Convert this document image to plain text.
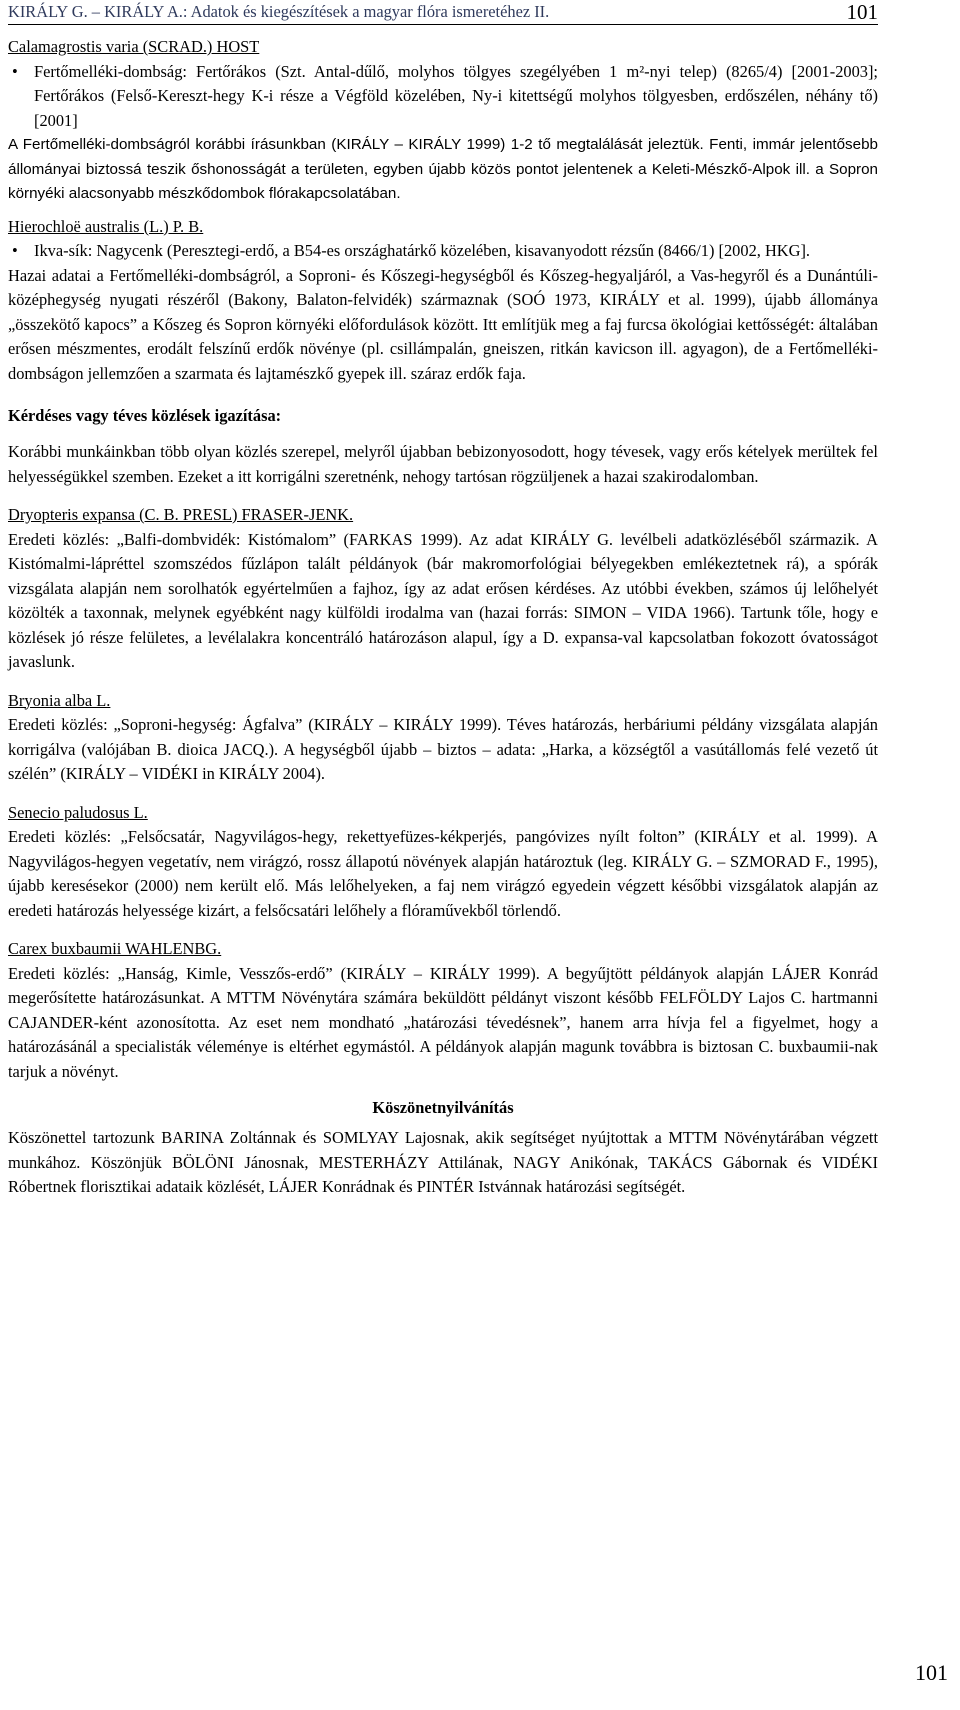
KIRÁLY G. – KIRÁLY A.: Adatok és kiegészítések a magyar flóra ismeretéhez II.	101
Calamagrostis varia (SCRAD.) HOST

• Fertőmelléki-dombság: Fertőrákos (Szt. Antal-dűlő, molyhos tölgyes szegélyében 1 m²-nyi telep) (8265/4) [2001-2003]; Fertőrákos (Felső-Kereszt-hegy K-i része a Végföld közelében, Ny-i kitettségű molyhos tölgyesben, erdőszélen, néhány tő) [2001]

A Fertőmelléki-dombságról korábbi írásunkban (KIRÁLY – KIRÁLY 1999) 1-2 tő megtalálását jeleztük. Fenti, immár jelentősebb állományai biztossá teszik őshonosságát a területen, egyben újabb közös pontot jelentenek a Keleti-Mészkő-Alpok ill. a Sopron környéki alacsonyabb mészkődombok flórakapcsolatában.

Hierochloë australis (L.) P. B.

• Ikva-sík: Nagycenk (Peresztegi-erdő, a B54-es országhatárkő közelében, kisavanyodott rézsűn (8466/1) [2002, HKG].

Hazai adatai a Fertőmelléki-dombságról, a Soproni- és Kőszegi-hegységből és Kőszeg-hegyaljáról, a Vas-hegyről és a Dunántúli-középhegység nyugati részéről (Bakony, Balaton-felvidék) származnak (SOÓ 1973, KIRÁLY et al. 1999), újabb állománya „összekötő kapocs” a Kőszeg és Sopron környéki előfordulások között. Itt említjük meg a faj furcsa ökológiai kettősségét: általában erősen mészmentes, erodált felszínű erdők növénye (pl. csillámpalán, gneiszen, ritkán kavicson ill. agyagon), de a Fertőmelléki-dombságon jellemzően a szarmata és lajtamészkő gyepek ill. száraz erdők faja.

Kérdéses vagy téves közlések igazítása:

Korábbi munkáinkban több olyan közlés szerepel, melyről újabban bebizonyosodott, hogy tévesek, vagy erős kételyek merültek fel helyességükkel szemben. Ezeket a itt korrigálni szeretnénk, nehogy tartósan rögzüljenek a hazai szakirodalomban.

Dryopteris expansa (C. B. PRESL) FRASER-JENK.

Eredeti közlés: „Balfi-dombvidék: Kistómalom” (FARKAS 1999). Az adat KIRÁLY G. levélbeli adatközléséből származik. A Kistómalmi-lápréttel szomszédos fűzlápon talált példányok (bár makromorfológiai bélyegekben emlékeztetnek rá), a spórák vizsgálata alapján nem sorolhatók egyértelműen a fajhoz, így az adat erősen kérdéses. Az utóbbi években, számos új lelőhelyét közölték a taxonnak, melynek egyébként nagy külföldi irodalma van (hazai forrás: SIMON – VIDA 1966). Tartunk tőle, hogy e közlések jó része felületes, a levélalakra koncentráló határozáson alapul, így a D. expansa-val kapcsolatban fokozott óvatosságot javaslunk.

Bryonia alba L.

Eredeti közlés: „Soproni-hegység: Ágfalva” (KIRÁLY – KIRÁLY 1999). Téves határozás, herbáriumi példány vizsgálata alapján korrigálva (valójában B. dioica JACQ.). A hegységből újabb – biztos – adata: „Harka, a községtől a vasútállomás felé vezető út szélén” (KIRÁLY – VIDÉKI in KIRÁLY 2004).

Senecio paludosus L.

Eredeti közlés: „Felsőcsatár, Nagyvilágos-hegy, rekettyefüzes-kékperjés, pangóvizes nyílt folton” (KIRÁLY et al. 1999). A Nagyvilágos-hegyen vegetatív, nem virágzó, rossz állapotú növények alapján határoztuk (leg. KIRÁLY G. – SZMORAD F., 1995), újabb keresésekor (2000) nem került elő. Más lelőhelyeken, a faj nem virágzó egyedein végzett későbbi vizsgálatok alapján az eredeti határozás helyessége kizárt, a felsőcsatári lelőhely a flóraművekből törlendő.

Carex buxbaumii WAHLENBG.

Eredeti közlés: „Hanság, Kimle, Vesszős-erdő” (KIRÁLY – KIRÁLY 1999). A begyűjtött példányok alapján LÁJER Konrád megerősítette határozásunkat. A MTTM Növénytára számára beküldött példányt viszont később FELFÖLDY Lajos C. hartmanni CAJANDER-ként azonosította. Az eset nem mondható „határozási tévedésnek”, hanem arra hívja fel a figyelmet, hogy a határozásánál a specialisták véleménye is eltérhet egymástól. A példányok alapján magunk továbbra is biztosan C. buxbaumii-nak tarjuk a növényt.

Köszönetnyilvánítás

Köszönettel tartozunk BARINA Zoltánnak és SOMLYAY Lajosnak, akik segítséget nyújtottak a MTTM Növénytárában végzett munkához. Köszönjük BÖLÖNI Jánosnak, MESTERHÁZY Attilának, NAGY Anikónak, TAKÁCS Gábornak és VIDÉKI Róbertnek florisztikai adataik közlését, LÁJER Konrádnak és PINTÉR Istvánnak határozási segítségét.

101
